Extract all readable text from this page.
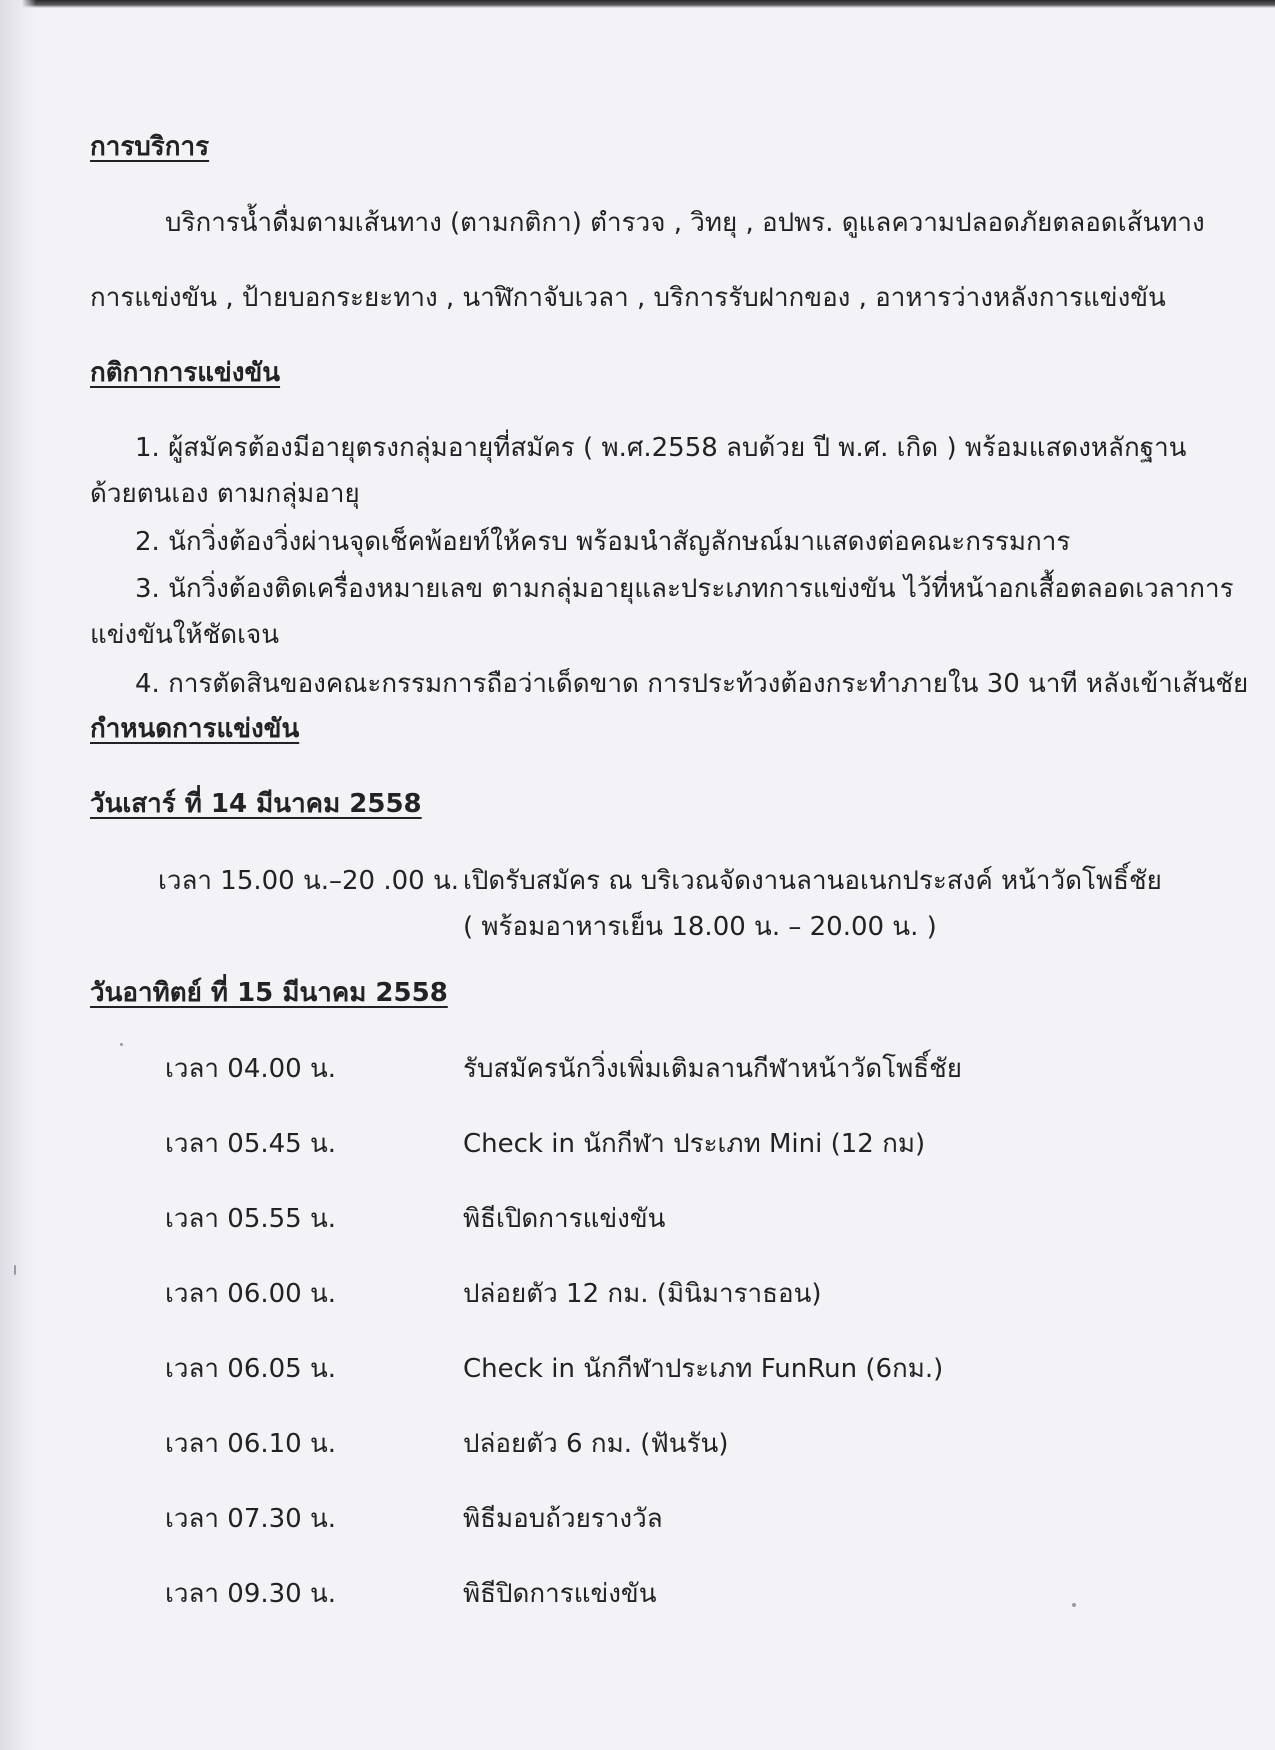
การบริการ
บริการน้ำดื่มตามเส้นทาง (ตามกติกา) ตำรวจ , วิทยุ , อปพร. ดูแลความปลอดภัยตลอดเส้นทาง
การแข่งขัน , ป้ายบอกระยะทาง , นาฬิกาจับเวลา , บริการรับฝากของ , อาหารว่างหลังการแข่งขัน
กติกาการแข่งขัน
1. ผู้สมัครต้องมีอายุตรงกลุ่มอายุที่สมัคร ( พ.ศ.2558 ลบด้วย ปี พ.ศ. เกิด ) พร้อมแสดงหลักฐาน
ด้วยตนเอง ตามกลุ่มอายุ
2. นักวิ่งต้องวิ่งผ่านจุดเช็คพ้อยท์ให้ครบ พร้อมนำสัญลักษณ์มาแสดงต่อคณะกรรมการ
3. นักวิ่งต้องติดเครื่องหมายเลข ตามกลุ่มอายุและประเภทการแข่งขัน ไว้ที่หน้าอกเสื้อตลอดเวลาการ
แข่งขันให้ชัดเจน
4. การตัดสินของคณะกรรมการถือว่าเด็ดขาด การประท้วงต้องกระทำภายใน 30 นาที หลังเข้าเส้นชัย
กำหนดการแข่งขัน
วันเสาร์ ที่ 14 มีนาคม 2558
เวลา 15.00 น.–20 .00 น. เปิดรับสมัคร ณ บริเวณจัดงานลานอเนกประสงค์ หน้าวัดโพธิ์ชัย
( พร้อมอาหารเย็น 18.00 น. – 20.00 น. )
วันอาทิตย์ ที่ 15 มีนาคม 2558
เวลา 04.00 น.	รับสมัครนักวิ่งเพิ่มเติมลานกีฬาหน้าวัดโพธิ์ชัย
เวลา 05.45 น.	Check in นักกีฬา ประเภท Mini (12 กม)
เวลา 05.55 น.	พิธีเปิดการแข่งขัน
เวลา 06.00 น.	ปล่อยตัว 12 กม. (มินิมาราธอน)
เวลา 06.05 น.	Check in นักกีฬาประเภท FunRun (6กม.)
เวลา 06.10 น.	ปล่อยตัว 6 กม. (ฟันรัน)
เวลา 07.30 น.	พิธีมอบถ้วยรางวัล
เวลา 09.30 น.	พิธีปิดการแข่งขัน
